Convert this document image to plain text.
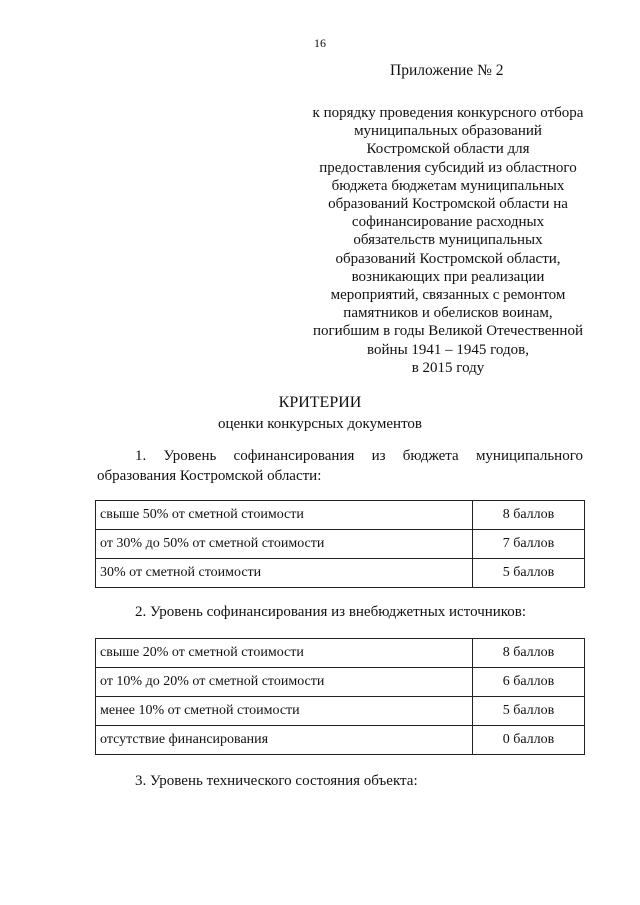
16
Приложение № 2
к порядку проведения конкурсного отбора
муниципальных образований
Костромской области для
предоставления субсидий из областного
бюджета бюджетам муниципальных
образований Костромской области на
софинансирование расходных
обязательств муниципальных
образований Костромской области,
возникающих при реализации
мероприятий, связанных с ремонтом
памятников и обелисков воинам,
погибшим в годы Великой Отечественной
войны 1941 – 1945 годов,
в 2015 году
КРИТЕРИИ
оценки конкурсных документов
1. Уровень софинансирования из бюджета муниципального
образования Костромской области:
свыше 50% от сметной стоимости	8 баллов
от 30% до 50% от сметной стоимости	7 баллов
30% от сметной стоимости	5 баллов
2. Уровень софинансирования из внебюджетных источников:
свыше 20% от сметной стоимости	8 баллов
от 10% до 20% от сметной стоимости	6 баллов
менее 10% от сметной стоимости	5 баллов
отсутствие финансирования	0 баллов
3. Уровень технического состояния объекта:
